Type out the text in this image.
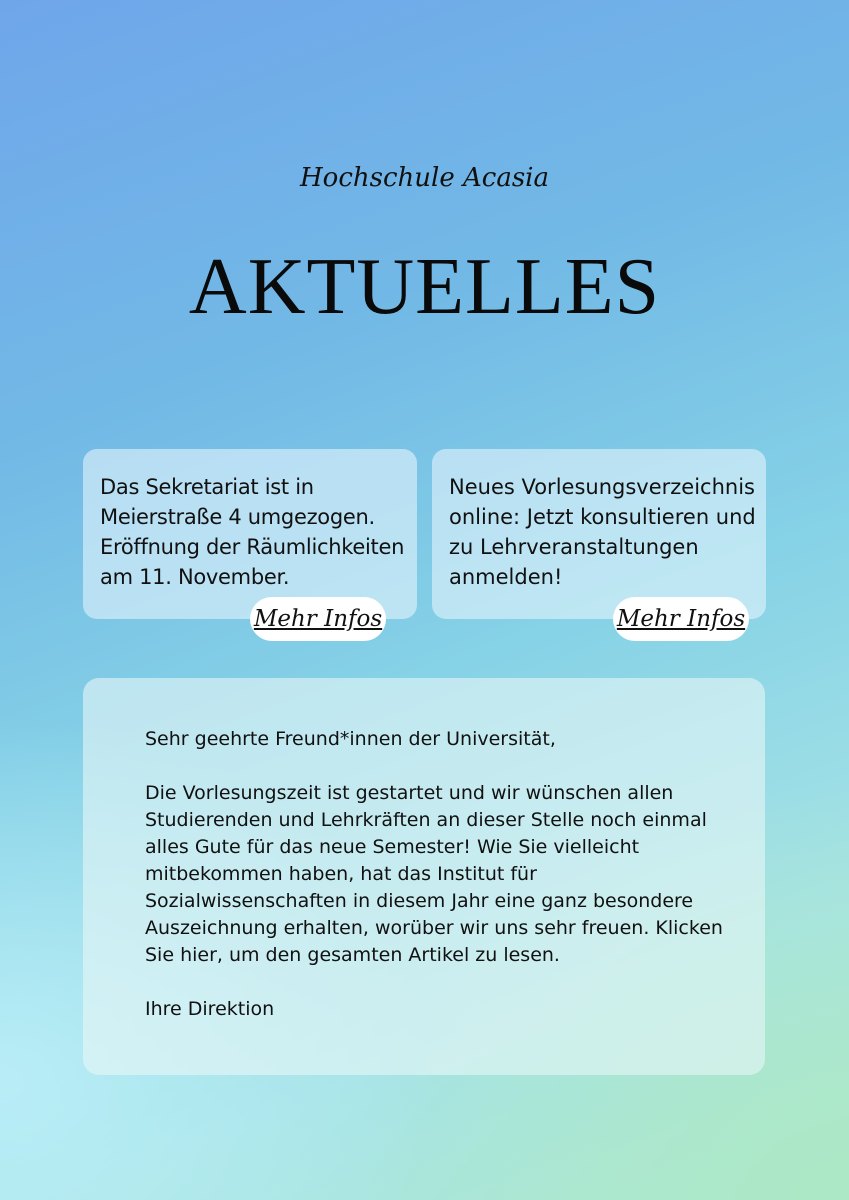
Hochschule Acasia
AKTUELLES

Das Sekretariat ist in Meierstraße 4 umgezogen. Eröffnung der Räumlichkeiten am 11. November.

Mehr Infos

Neues Vorlesungsverzeichnis online: Jetzt konsultieren und zu Lehrveranstaltungen anmelden!

Mehr Infos

Sehr geehrte Freund*innen der Universität,

Die Vorlesungszeit ist gestartet und wir wünschen allen Studierenden und Lehrkräften an dieser Stelle noch einmal alles Gute für das neue Semester! Wie Sie vielleicht mitbekommen haben, hat das Institut für Sozialwissenschaften in diesem Jahr eine ganz besondere Auszeichnung erhalten, worüber wir uns sehr freuen. Klicken Sie hier, um den gesamten Artikel zu lesen.

Ihre Direktion
